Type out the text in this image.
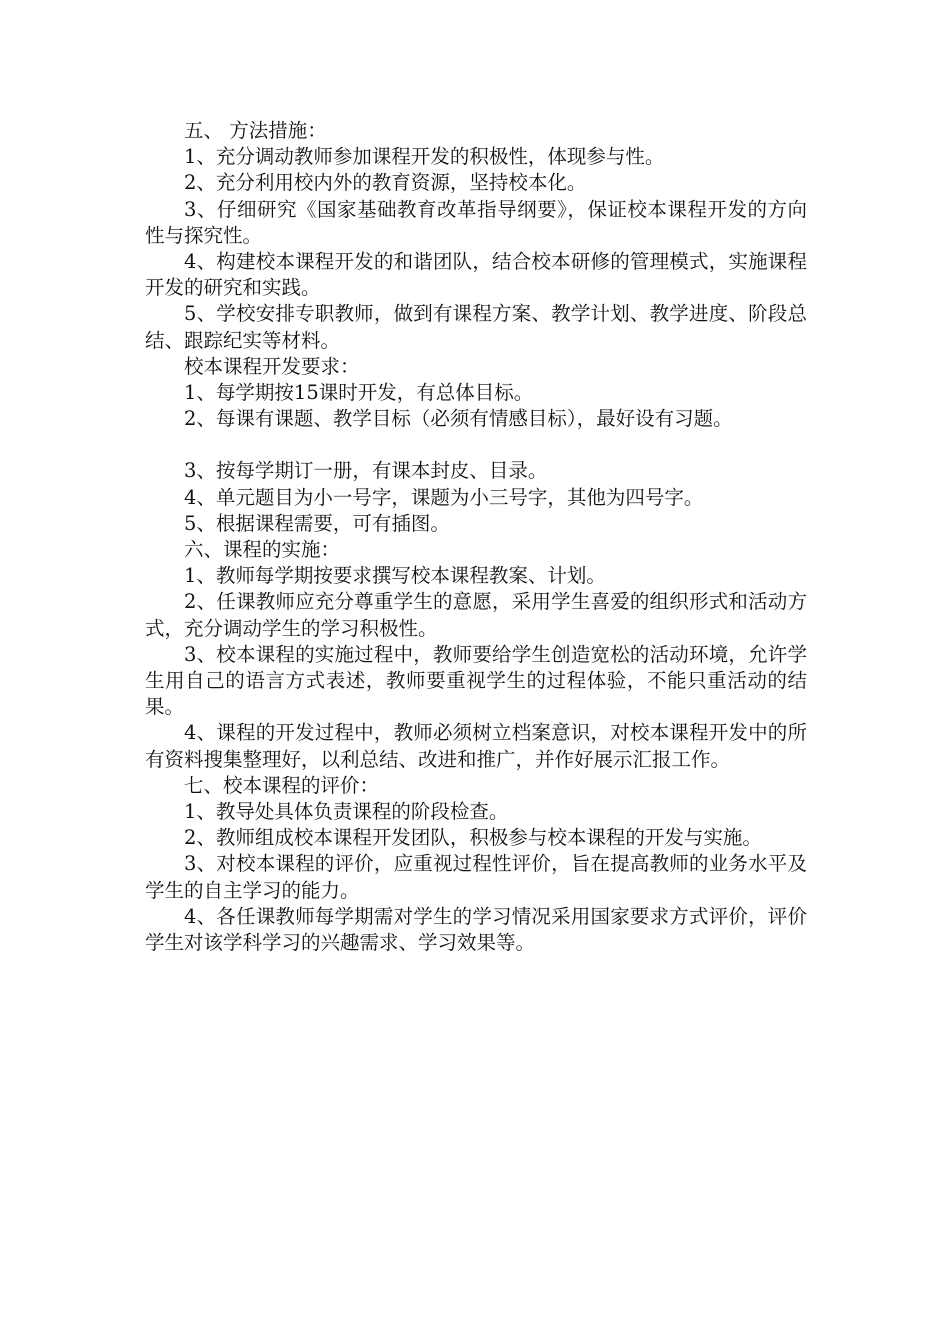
五、 方法措施：

1、充分调动教师参加课程开发的积极性，体现参与性。

2、充分利用校内外的教育资源，坚持校本化。

3、仔细研究《国家基础教育改革指导纲要》，保证校本课程开发的方向性与探究性。

4、构建校本课程开发的和谐团队，结合校本研修的管理模式，实施课程开发的研究和实践。

5、学校安排专职教师，做到有课程方案、教学计划、教学进度、阶段总结、跟踪纪实等材料。

校本课程开发要求：

1、每学期按15课时开发，有总体目标。

2、每课有课题、教学目标（必须有情感目标），最好设有习题。

3、按每学期订一册，有课本封皮、目录。

4、单元题目为小一号字，课题为小三号字，其他为四号字。

5、根据课程需要，可有插图。

六、课程的实施：

1、教师每学期按要求撰写校本课程教案、计划。

2、任课教师应充分尊重学生的意愿，采用学生喜爱的组织形式和活动方式，充分调动学生的学习积极性。

3、校本课程的实施过程中，教师要给学生创造宽松的活动环境，允许学生用自己的语言方式表述，教师要重视学生的过程体验，不能只重活动的结果。

4、课程的开发过程中，教师必须树立档案意识，对校本课程开发中的所有资料搜集整理好，以利总结、改进和推广，并作好展示汇报工作。

七、校本课程的评价：

1、教导处具体负责课程的阶段检查。

2、教师组成校本课程开发团队，积极参与校本课程的开发与实施。

3、对校本课程的评价，应重视过程性评价，旨在提高教师的业务水平及学生的自主学习的能力。

4、各任课教师每学期需对学生的学习情况采用国家要求方式评价，评价学生对该学科学习的兴趣需求、学习效果等。
